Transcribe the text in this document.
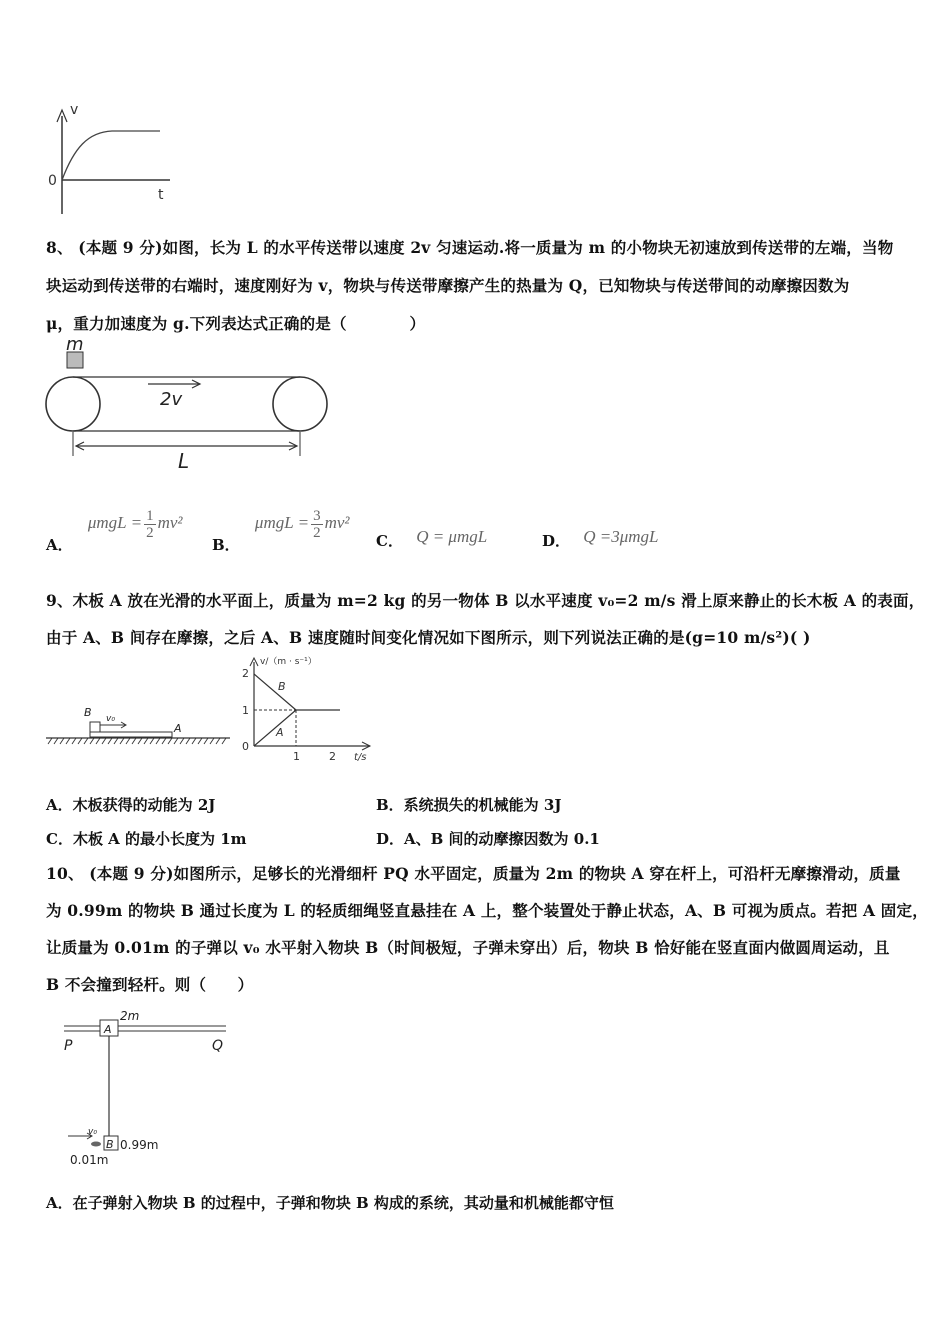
v
0
t
8、 (本题 9 分)如图，长为 L 的水平传送带以速度 2v 匀速运动.将一质量为 m 的小物块无初速放到传送带的左端，当物
块运动到传送带的右端时，速度刚好为 v，物块与传送带摩擦产生的热量为 Q，已知物块与传送带间的动摩擦因数为
μ，重力加速度为 g.下列表达式正确的是（　　　　）
m
2v
L
A． $\mu mgL = \frac{1}{2} mv^2$
B． $\mu mgL = \frac{3}{2} mv^2$
C． Q = μmgL	D． Q =3μmgL
9、木板 A 放在光滑的水平面上，质量为 m=2 kg 的另一物体 B 以水平速度 v₀=2 m/s 滑上原来静止的长木板 A 的表面，
由于 A、B 间存在摩擦，之后 A、B 速度随时间变化情况如下图所示，则下列说法正确的是(g=10 m/s²)( )
B v₀
A
v/（m · s⁻¹）
2
1
0
1	2 t/s
B
A
A．木板获得的动能为 2J	B．系统损失的机械能为 3J
C．木板 A 的最小长度为 1m	D．A、B 间的动摩擦因数为 0.1
10、 (本题 9 分)如图所示，足够长的光滑细杆 PQ 水平固定，质量为 2m 的物块 A 穿在杆上，可沿杆无摩擦滑动，质量
为 0.99m 的物块 B 通过长度为 L 的轻质细绳竖直悬挂在 A 上，整个装置处于静止状态，A、B 可视为质点。若把 A 固定，
让质量为 0.01m 的子弹以 v₀ 水平射入物块 B（时间极短，子弹未穿出）后，物块 B 恰好能在竖直面内做圆周运动，且
B 不会撞到轻杆。则（　　）
A
2m
P	Q
B 0.99m
v₀
0.01m
A．在子弹射入物块 B 的过程中，子弹和物块 B 构成的系统，其动量和机械能都守恒
